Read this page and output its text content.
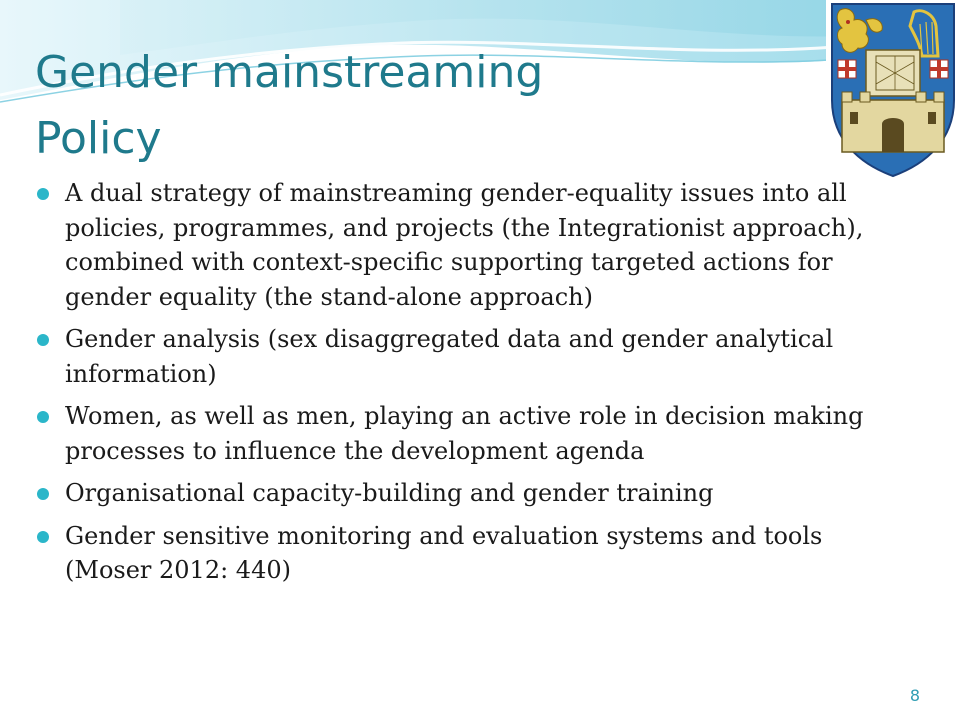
Gender mainstreaming
Policy
A dual strategy of mainstreaming gender-equality issues into all policies, programmes, and projects (the Integrationist approach), combined with context-specific supporting targeted actions for gender equality (the stand-alone approach)
Gender analysis (sex disaggregated data and gender analytical information)
Women, as well as men, playing an active role in decision making processes to influence the development agenda
Organisational capacity-building and gender training
Gender sensitive monitoring and evaluation systems and tools (Moser 2012: 440)
8
